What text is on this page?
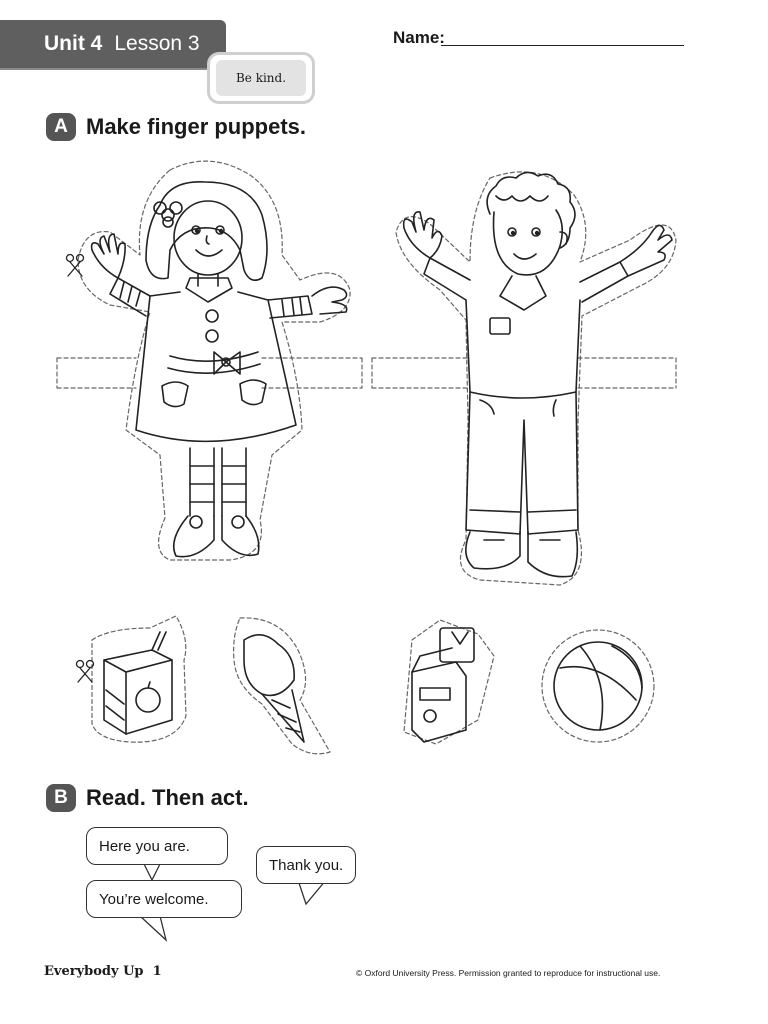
Unit 4 Lesson 3	Name:
Be kind.
A Make finger puppets.
B Read. Then act.
Here you are.
Thank you.
You’re welcome.
Everybody Up 1	© Oxford University Press. Permission granted to reproduce for instructional use.
